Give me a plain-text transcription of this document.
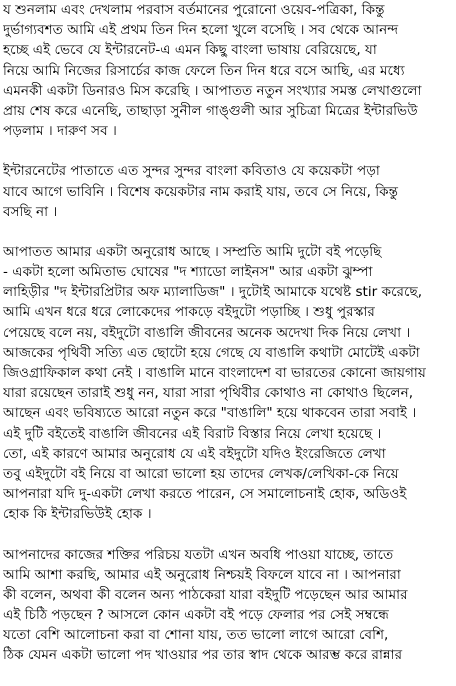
য শুনলাম এবং দেখলাম পরবাস বর্তমানের পুরোনো ওয়েব-পত্রিকা, কিন্তু
দুর্ভাগ্যবশত আমি এই প্রথম তিন দিন হলো খুলে বসেছি । সব থেকে আনন্দ
হচ্ছে এই ভেবে যে ইন্টারনেট-এ এমন কিছু বাংলা ভাষায় বেরিয়েছে, যা
নিয়ে আমি নিজের রিসার্চের কাজ ফেলে তিন দিন ধরে বসে আছি, এর মধ্যে
এমনকী একটা ডিনারও মিস করেছি । আপাতত নতুন সংখ্যার সমস্ত লেখাগুলো
প্রায় শেষ করে এনেছি, তাছাড়া সুনীল গাঙ্গুলী আর সুচিত্রা মিত্রের ইন্টারভিউ
পড়লাম । দারুণ সব ।
ইন্টারনেটের পাতাতে এত সুন্দর সুন্দর বাংলা কবিতাও যে কয়েকটা পড়া
যাবে আগে ভাবিনি । বিশেষ কয়েকটার নাম করাই যায়, তবে সে নিয়ে, কিন্তু
বসছি না ।
আপাতত আমার একটা অনুরোধ আছে । সম্প্রতি আমি দুটো বই পড়েছি
- একটা হলো অমিতাভ ঘোষের "দ শ্যাডো লাইনস" আর একটা ঝুম্পা
লাহিড়ীর "দ ইন্টারপ্রিটার অফ ম্যালাডিজ" । দুটোই আমাকে যথেষ্ট stir করেছে,
আমি এখন ধরে ধরে লোকেদের পাকড়ে বইদুটো পড়াচ্ছি । শুধু পুরস্কার
পেয়েছে বলে নয়, বইদুটো বাঙালি জীবনের অনেক অদেখা দিক নিয়ে লেখা ।
আজকের পৃথিবী সত্যি এত ছোটো হয়ে গেছে যে বাঙালি কথাটা মোটেই একটা
জিওগ্রাফিকাল কথা নেই । বাঙালি মানে বাংলাদেশ বা ভারতের কোনো জায়গায়
যারা রয়েছেন তারাই শুধু নন, যারা সারা পৃথিবীর কোথাও না কোথাও ছিলেন,
আছেন এবং ভবিষ্যতে আরো নতুন করে "বাঙালি" হয়ে থাকবেন তারা সবাই ।
এই দুটি বইতেই বাঙালি জীবনের এই বিরাট বিস্তার নিয়ে লেখা হয়েছে ।
তো, এই কারণে আমার অনুরোধ যে এই বইদুটো যদিও ইংরেজিতে লেখা
তবু এইদুটো বই নিয়ে বা আরো ভালো হয় তাদের লেখক/লেখিকা-কে নিয়ে
আপনারা যদি দু-একটা লেখা করতে পারেন, সে সমালোচনাই হোক, অডিওই
হোক কি ইন্টারভিউই হোক ।
আপনাদের কাজের শক্তির পরিচয় যতটা এখন অবধি পাওয়া যাচ্ছে, তাতে
আমি আশা করছি, আমার এই অনুরোধ নিশ্চয়ই বিফলে যাবে না । আপনারা
কী বলেন, অথবা কী বলেন অন্য পাঠকেরা যারা বইদুটি পড়েছেন আর আমার
এই চিঠি পড়ছেন ? আসলে কোন একটা বই পড়ে ফেলার পর সেই সম্বন্ধে
যতো বেশি আলোচনা করা বা শোনা যায়, তত ভালো লাগে আরো বেশি,
ঠিক যেমন একটা ভালো পদ খাওয়ার পর তার স্বাদ থেকে আরম্ভ করে রান্নার
